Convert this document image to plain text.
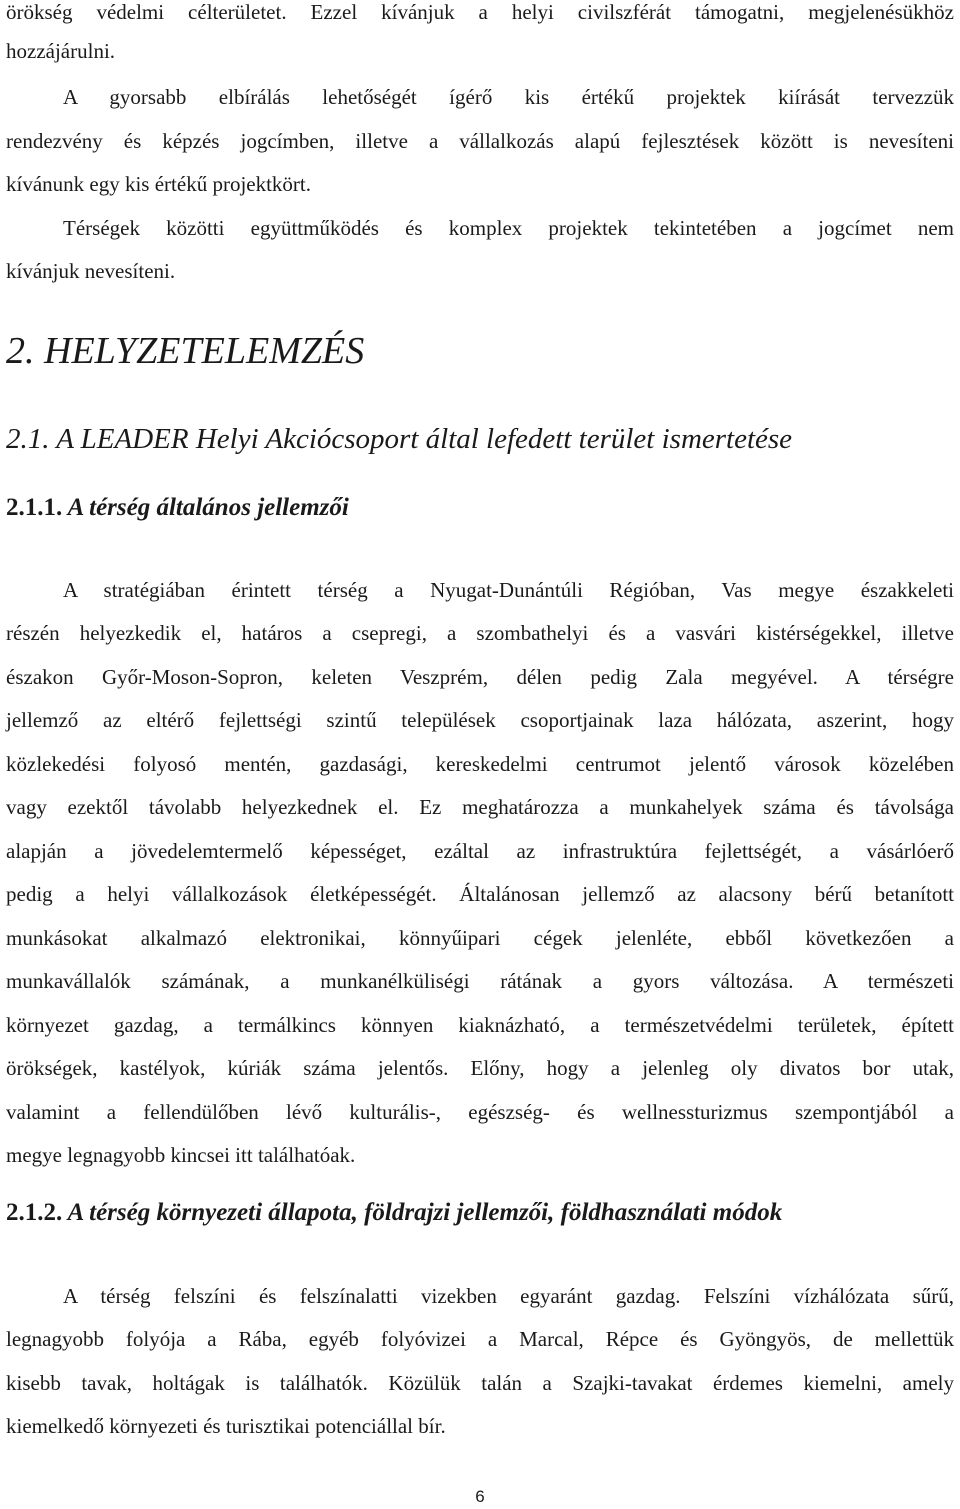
örökség védelmi célterületet. Ezzel kívánjuk a helyi civilszférát támogatni, megjelenésükhöz
hozzájárulni.
A gyorsabb elbírálás lehetőségét ígérő kis értékű projektek kiírását tervezzük
rendezvény és képzés jogcímben, illetve a vállalkozás alapú fejlesztések között is nevesíteni
kívánunk egy kis értékű projektkört.
Térségek közötti együttműködés és komplex projektek tekintetében a jogcímet nem
kívánjuk nevesíteni.
2. HELYZETELEMZÉS
2.1. A LEADER Helyi Akciócsoport által lefedett terület ismertetése
2.1.1. A térség általános jellemzői
A stratégiában érintett térség a Nyugat-Dunántúli Régióban, Vas megye északkeleti
részén helyezkedik el, határos a csepregi, a szombathelyi és a vasvári kistérségekkel, illetve
északon Győr-Moson-Sopron, keleten Veszprém, délen pedig Zala megyével. A térségre
jellemző az eltérő fejlettségi szintű települések csoportjainak laza hálózata, aszerint, hogy
közlekedési folyosó mentén, gazdasági, kereskedelmi centrumot jelentő városok közelében
vagy ezektől távolabb helyezkednek el. Ez meghatározza a munkahelyek száma és távolsága
alapján a jövedelemtermelő képességet, ezáltal az infrastruktúra fejlettségét, a vásárlóerő
pedig a helyi vállalkozások életképességét. Általánosan jellemző az alacsony bérű betanított
munkásokat alkalmazó elektronikai, könnyűipari cégek jelenléte, ebből következően a
munkavállalók számának, a munkanélküliségi rátának a gyors változása. A természeti
környezet gazdag, a termálkincs könnyen kiaknázható, a természetvédelmi területek, épített
örökségek, kastélyok, kúriák száma jelentős. Előny, hogy a jelenleg oly divatos bor utak,
valamint a fellendülőben lévő kulturális-, egészség- és wellnessturizmus szempontjából a
megye legnagyobb kincsei itt találhatóak.
2.1.2. A térség környezeti állapota, földrajzi jellemzői, földhasználati módok
A térség felszíni és felszínalatti vizekben egyaránt gazdag. Felszíni vízhálózata sűrű,
legnagyobb folyója a Rába, egyéb folyóvizei a Marcal, Répce és Gyöngyös, de mellettük
kisebb tavak, holtágak is találhatók. Közülük talán a Szajki-tavakat érdemes kiemelni, amely
kiemelkedő környezeti és turisztikai potenciállal bír.
6
